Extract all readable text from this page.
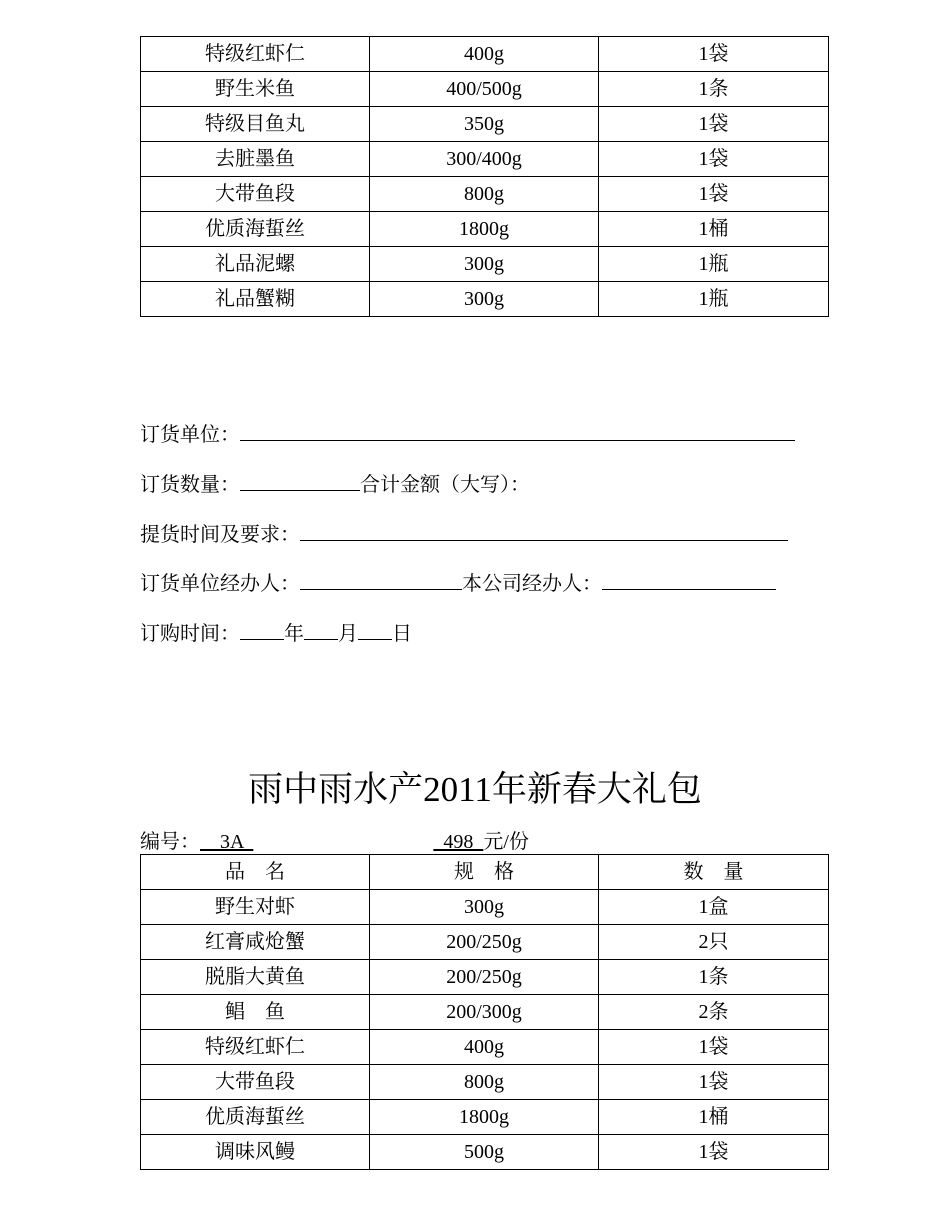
特级红虾仁	400g	1袋
野生米鱼	400/500g	1条
特级目鱼丸	350g	1袋
去脏墨鱼	300/400g	1袋
大带鱼段	800g	1袋
优质海蜇丝	1800g	1桶
礼品泥螺	300g	1瓶
礼品蟹糊	300g	1瓶
订货单位：
订货数量：	合计金额（大写）：
提货时间及要求：
订货单位经办人：	本公司经办人：
订购时间： 年 月 日
雨中雨水产2011年新春大礼包
编号：    3A	498  元/份
品　名	规　格	数　量
野生对虾	300g	1盒
红膏咸炝蟹	200/250g	2只
脱脂大黄鱼	200/250g	1条
鲳　鱼	200/300g	2条
特级红虾仁	400g	1袋
大带鱼段	800g	1袋
优质海蜇丝	1800g	1桶
调味风鳗	500g	1袋
